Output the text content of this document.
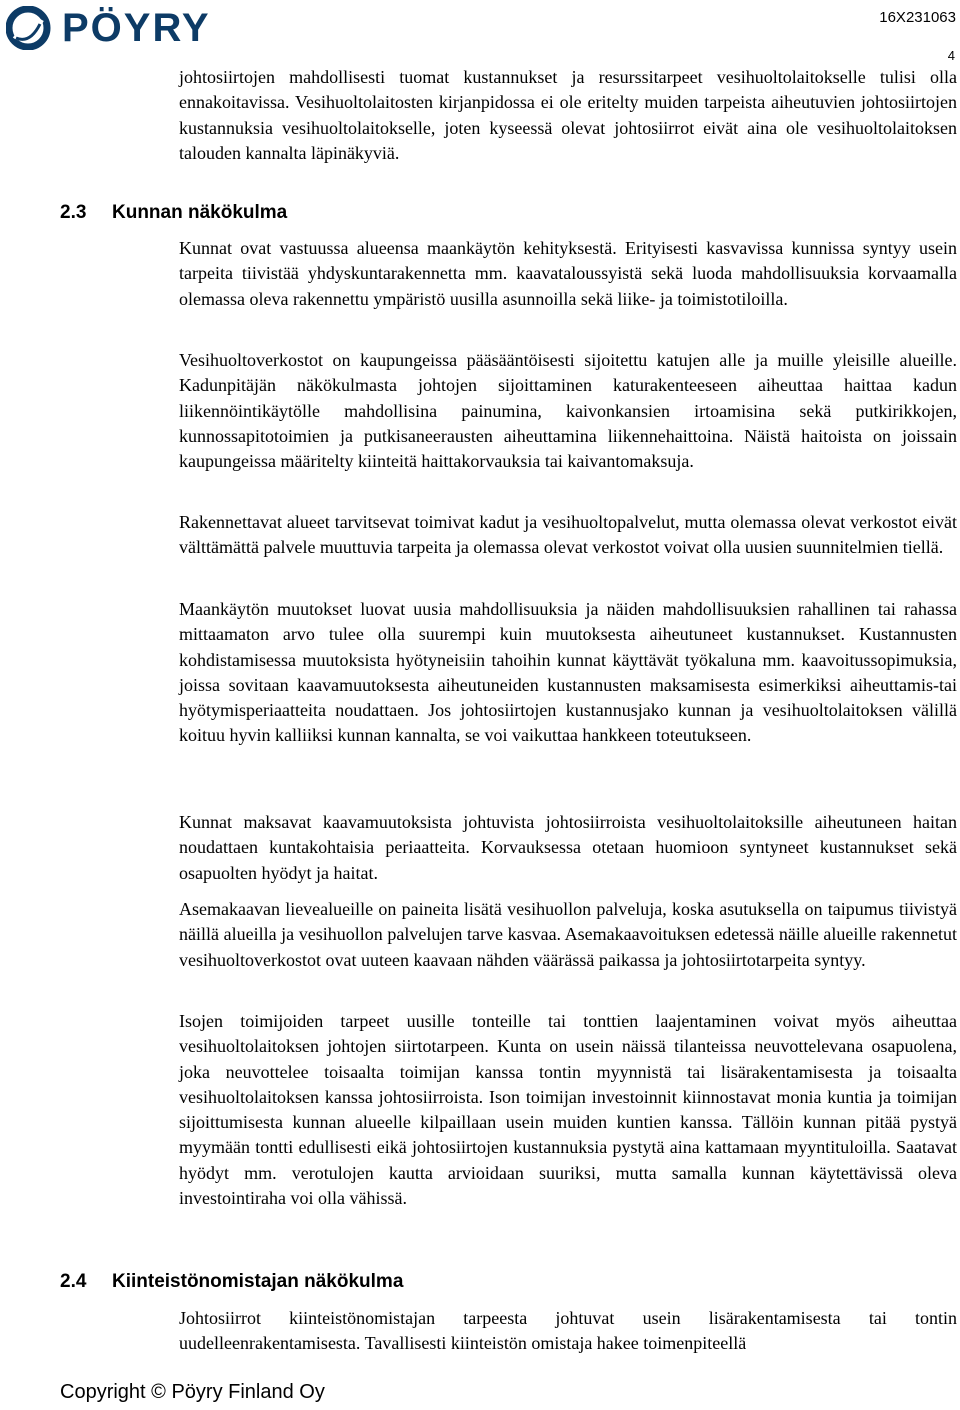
PÖYRY	16X231063
4

johtosiirtojen mahdollisesti tuomat kustannukset ja resurssitarpeet vesihuoltolaitokselle tulisi olla ennakoitavissa. Vesihuoltolaitosten kirjanpidossa ei ole eritelty muiden tarpeista aiheutuvien johtosiirtojen kustannuksia vesihuoltolaitokselle, joten kyseessä olevat johtosiirrot eivät aina ole vesihuoltolaitoksen talouden kannalta läpinäkyviä.

2.3 Kunnan näkökulma

Kunnat ovat vastuussa alueensa maankäytön kehityksestä. Erityisesti kasvavissa kunnissa syntyy usein tarpeita tiivistää yhdyskuntarakennetta mm. kaavataloussyistä sekä luoda mahdollisuuksia korvaamalla olemassa oleva rakennettu ympäristö uusilla asunnoilla sekä liike- ja toimistotiloilla.

Vesihuoltoverkostot on kaupungeissa pääsääntöisesti sijoitettu katujen alle ja muille yleisille alueille. Kadunpitäjän näkökulmasta johtojen sijoittaminen katurakenteeseen aiheuttaa haittaa kadun liikennöintikäytölle mahdollisina painumina, kaivonkansien irtoamisina sekä putkirikkojen, kunnossapitotoimien ja putkisaneerausten aiheuttamina liikennehaittoina. Näistä haitoista on joissain kaupungeissa määritelty kiinteitä haittakorvauksia tai kaivantomaksuja.

Rakennettavat alueet tarvitsevat toimivat kadut ja vesihuoltopalvelut, mutta olemassa olevat verkostot eivät välttämättä palvele muuttuvia tarpeita ja olemassa olevat verkostot voivat olla uusien suunnitelmien tiellä.

Maankäytön muutokset luovat uusia mahdollisuuksia ja näiden mahdollisuuksien rahallinen tai rahassa mittaamaton arvo tulee olla suurempi kuin muutoksesta aiheutuneet kustannukset. Kustannusten kohdistamisessa muutoksista hyötyneisiin tahoihin kunnat käyttävät työkaluna mm. kaavoitussopimuksia, joissa sovitaan kaavamuutoksesta aiheutuneiden kustannusten maksamisesta esimerkiksi aiheuttamis-tai hyötymisperiaatteita noudattaen. Jos johtosiirtojen kustannusjako kunnan ja vesihuoltolaitoksen välillä koituu hyvin kalliiksi kunnan kannalta, se voi vaikuttaa hankkeen toteutukseen.

Kunnat maksavat kaavamuutoksista johtuvista johtosiirroista vesihuoltolaitoksille aiheutuneen haitan noudattaen kuntakohtaisia periaatteita. Korvauksessa otetaan huomioon syntyneet kustannukset sekä osapuolten hyödyt ja haitat.

Asemakaavan lievealueille on paineita lisätä vesihuollon palveluja, koska asutuksella on taipumus tiivistyä näillä alueilla ja vesihuollon palvelujen tarve kasvaa. Asemakaavoituksen edetessä näille alueille rakennetut vesihuoltoverkostot ovat uuteen kaavaan nähden väärässä paikassa ja johtosiirtotarpeita syntyy.

Isojen toimijoiden tarpeet uusille tonteille tai tonttien laajentaminen voivat myös aiheuttaa vesihuoltolaitoksen johtojen siirtotarpeen. Kunta on usein näissä tilanteissa neuvottelevana osapuolena, joka neuvottelee toisaalta toimijan kanssa tontin myynnistä tai lisärakentamisesta ja toisaalta vesihuoltolaitoksen kanssa johtosiirroista. Ison toimijan investoinnit kiinnostavat monia kuntia ja toimijan sijoittumisesta kunnan alueelle kilpaillaan usein muiden kuntien kanssa. Tällöin kunnan pitää pystyä myymään tontti edullisesti eikä johtosiirtojen kustannuksia pystytä aina kattamaan myyntituloilla. Saatavat hyödyt mm. verotulojen kautta arvioidaan suuriksi, mutta samalla kunnan käytettävissä oleva investointiraha voi olla vähissä.

2.4 Kiinteistönomistajan näkökulma

Johtosiirrot kiinteistönomistajan tarpeesta johtuvat usein lisärakentamisesta tai tontin uudelleenrakentamisesta. Tavallisesti kiinteistön omistaja hakee toimenpiteellä

Copyright © Pöyry Finland Oy
